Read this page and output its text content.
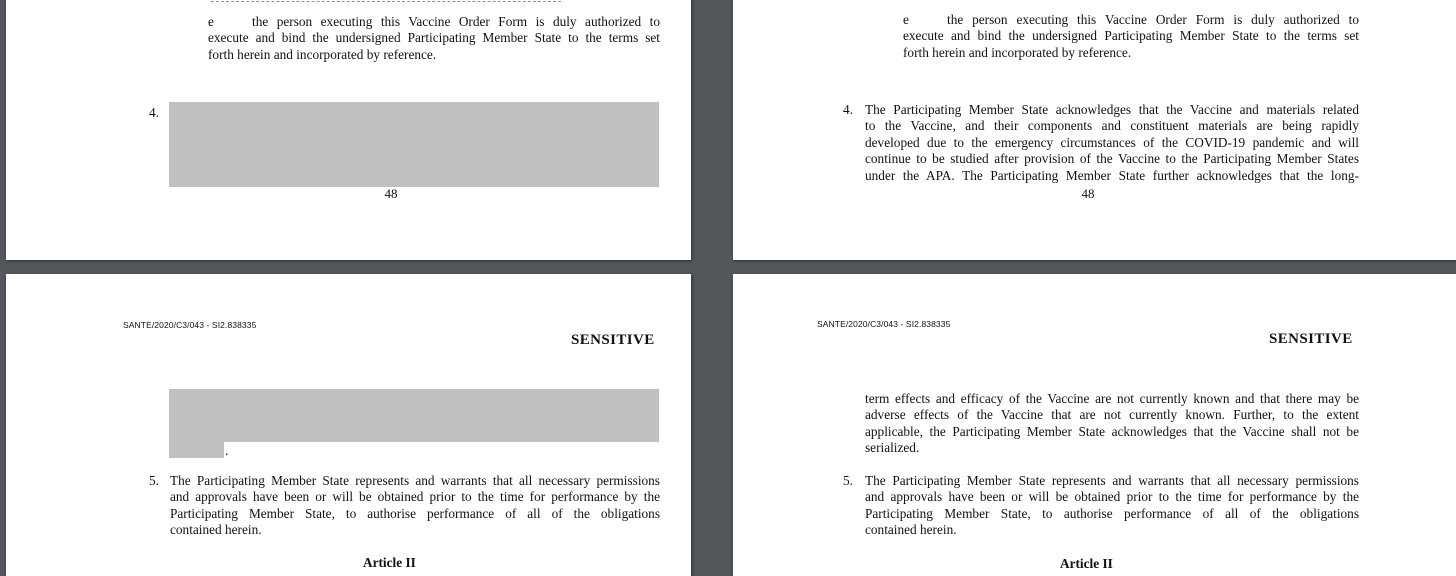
e	the person executing this Vaccine Order Form is duly authorized to
execute and bind the undersigned Participating Member State to the terms set
forth herein and incorporated by reference.
4.
48
e	the person executing this Vaccine Order Form is duly authorized to
execute and bind the undersigned Participating Member State to the terms set
forth herein and incorporated by reference.
4. The Participating Member State acknowledges that the Vaccine and materials related
to the Vaccine, and their components and constituent materials are being rapidly
developed due to the emergency circumstances of the COVID-19 pandemic and will
continue to be studied after provision of the Vaccine to the Participating Member States
under the APA. The Participating Member State further acknowledges that the long-
48
SANTE/2020/C3/043 - SI2.838335
SENSITIVE
.
5. The Participating Member State represents and warrants that all necessary permissions
and approvals have been or will be obtained prior to the time for performance by the
Participating Member State, to authorise performance of all of the obligations
contained herein.
Article II
SANTE/2020/C3/043 - SI2.838335
SENSITIVE
term effects and efficacy of the Vaccine are not currently known and that there may be
adverse effects of the Vaccine that are not currently known. Further, to the extent
applicable, the Participating Member State acknowledges that the Vaccine shall not be
serialized.
5. The Participating Member State represents and warrants that all necessary permissions
and approvals have been or will be obtained prior to the time for performance by the
Participating Member State, to authorise performance of all of the obligations
contained herein.
Article II
